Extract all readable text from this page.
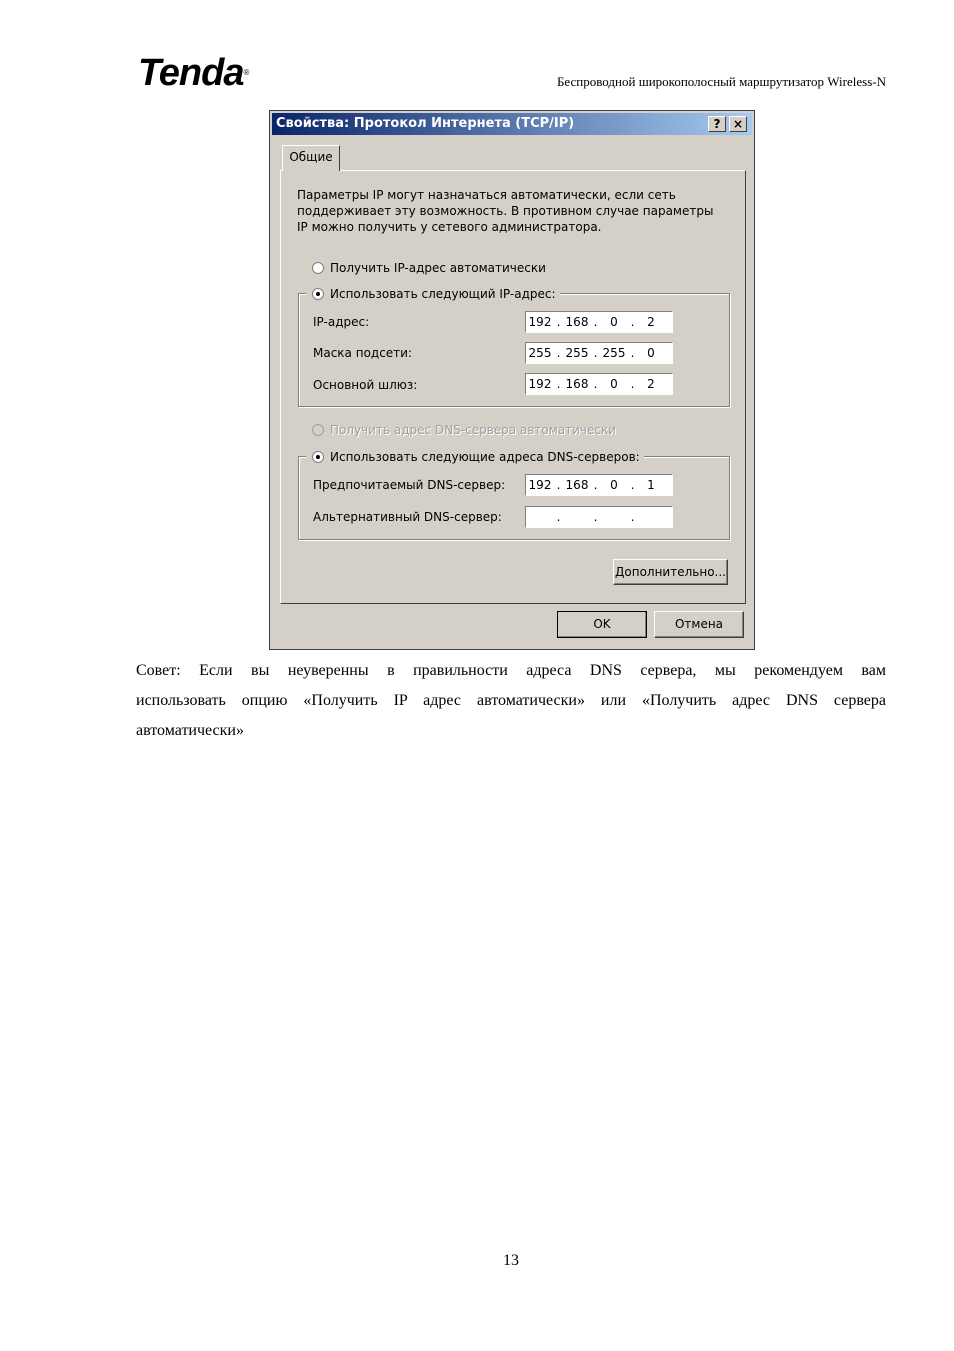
Tenda®
Беспроводной широкополосный маршрутизатор Wireless-N
Свойства: Протокол Интернета (TCP/IP)	?	×
Общие
Параметры IP могут назначаться автоматически, если сеть поддерживает эту возможность. В противном случае параметры IP можно получить у сетевого администратора.
Получить IP-адрес автоматически
Использовать следующий IP-адрес:
IP-адрес:	192 . 168 .	0	.	2
Маска подсети:	255 . 255 . 255 .	0
Основной шлюз:	192 . 168 .	0	.	2
Получить адрес DNS-сервера автоматически
Использовать следующие адреса DNS-серверов:
Предпочитаемый DNS-сервер: 192 . 168 .	0	.	1
Альтернативный DNS-сервер:	.	.	.
Дополнительно...
OK	Отмена
Совет: Если вы неуверенны в правильности адреса DNS сервера, мы рекомендуем вам
использовать опцию «Получить IP адрес автоматически» или «Получить адрес DNS сервера
автоматически»
13
